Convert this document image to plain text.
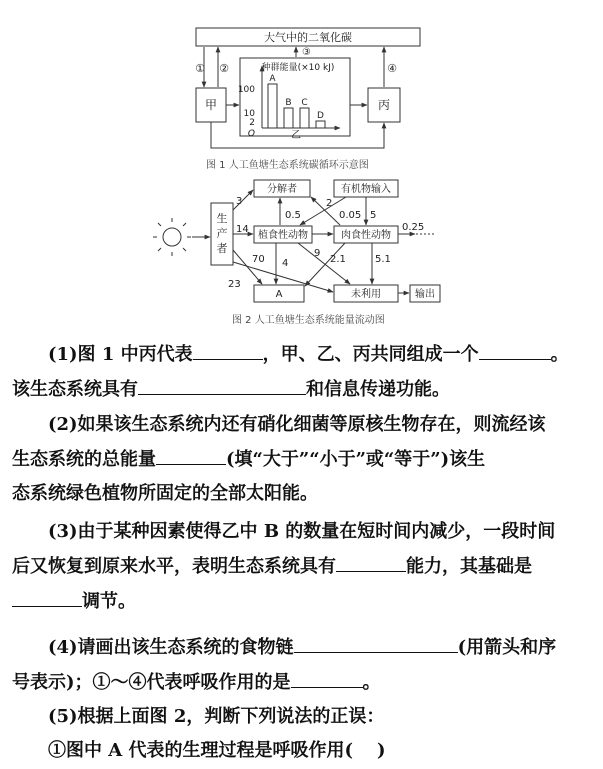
大气中的二氧化碳
① ②
③
④
甲	丙
种群能量(×10 kJ)
100
10
2
O	乙
A
B C
D
生
产
者
分解者	有机物输入
植食性动物	肉食性动物
A	未利用	输出
3
14
70
23
0.5
4
9
2
0.05 5
2.1	5.1
0.25
图 1 人工鱼塘生态系统碳循环示意图
图 2 人工鱼塘生态系统能量流动图
(1)图 1 中丙代表	，甲、乙、丙共同组成一个	。
该生态系统具有	和信息传递功能。
(2)如果该生态系统内还有硝化细菌等原核生物存在，则流经该
生态系统的总能量	(填“大于”“小于”或“等于”)该生
态系统绿色植物所固定的全部太阳能。
(3)由于某种因素使得乙中 B 的数量在短时间内减少，一段时间
后又恢复到原来水平，表明生态系统具有	能力，其基础是
调节。
(4)请画出该生态系统的食物链	(用箭头和序
号表示)；①～④代表呼吸作用的是	。
(5)根据上面图 2，判断下列说法的正误：
①图中 A 代表的生理过程是呼吸作用( )
